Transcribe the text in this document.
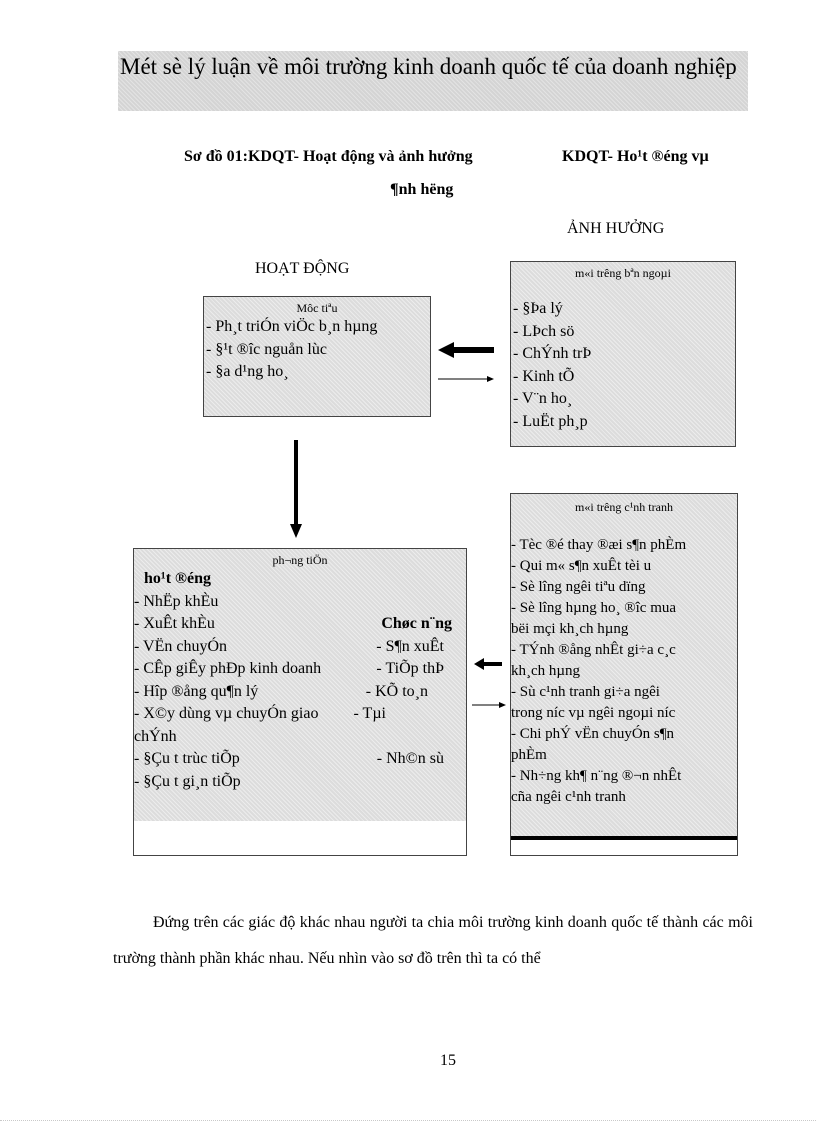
Mét sè lý luận về môi trường kinh doanh quốc tế của doanh nghiệp
Sơ đồ 01:KDQT- Hoạt động và ảnh hưởng	KDQT- Ho¹t ®éng vµ
¶nh hëng
ẢNH HƯỞNG
HOẠT ĐỘNG
Môc tiªu
- Ph¸t triÓn viÖc b¸n hµng
- §¹t ®îc nguån lùc
- §a d¹ng ho¸
m«i trêng bªn ngoµi
- §Þa lý
- LÞch sö
- ChÝnh trÞ
- Kinh tÕ
- V¨n ho¸
- LuËt ph¸p
ph¬ng tiÖn
ho¹t ®éng
- NhËp khÈu
- XuÊt khÈu	Chøc n¨ng
- VËn chuyÓn	- S¶n xuÊt
- CÊp giÊy phÐp kinh doanh	- TiÕp thÞ
- Hîp ®ång qu¶n lý	- KÕ to¸n
- X©y dùng vµ chuyÓn giao - Tµi
chÝnh
- §Çu t trùc tiÕp	- Nh©n sù
- §Çu t gi¸n tiÕp
m«i trêng c¹nh tranh
- Tèc ®é thay ®æi s¶n phÈm
- Qui m« s¶n xuÊt tèi u
- Sè lîng ngêi tiªu dïng
- Sè lîng hµng ho¸ ®îc mua
bëi mçi kh¸ch hµng
- TÝnh ®ång nhÊt gi÷a c¸c
kh¸ch hµng
- Sù c¹nh tranh gi÷a ngêi
trong níc vµ ngêi ngoµi níc
- Chi phÝ vËn chuyÓn s¶n
phÈm
- Nh÷ng kh¶ n¨ng ®¬n nhÊt
cña ngêi c¹nh tranh
Đứng trên các giác độ khác nhau người ta chia môi trường kinh doanh quốc tế thành các môi trường thành phần khác nhau. Nếu nhìn vào sơ đồ trên thì ta có thể
15
